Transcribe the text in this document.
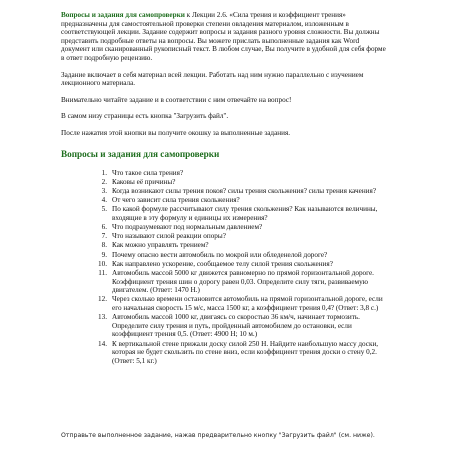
Вопросы и задания для самопроверки к Лекции 2.6. «Сила трения и коэффициент трения» предназначены для самостоятельной проверки степени овладения материалом, изложенным в соответствующей лекции. Задание содержит вопросы и задания разного уровня сложности. Вы должны представить подробные ответы на вопросы. Вы можете прислать выполненные задания как Word документ или сканированный рукописный текст. В любом случае, Вы получите в удобной для себя форме в ответ подробную рецензию.

Задание включает в себя материал всей лекции. Работать над ним нужно параллельно с изучением лекционного материала.

Внимательно читайте задание и в соответствии с ним отвечайте на вопрос!

В самом низу страницы есть кнопка "Загрузить файл".

После нажатия этой кнопки вы получите окошку за выполненные задания.

Вопросы и задания для самопроверки
1. Что такое сила трения?
2. Каковы её причины?
3. Когда возникают силы трения покоя? силы трения скольжения? силы трения качения?
4. От чего зависит сила трения скольжения?
5. По какой формуле рассчитывают силу трения скольжения? Как называются величины, входящие в эту формулу и единицы их измерения?
6. Что подразумевают под нормальным давлением?
7. Что называют силой реакции опоры?
8. Как можно управлять трением?
9. Почему опасно вести автомобиль по мокрой или обледенелой дороге?
10. Как направлено ускорение, сообщаемое телу силой трения скольжения?
11. Автомобиль массой 5000 кг движется равномерно по прямой горизонтальной дороге. Коэффициент трения шин о дорогу равен 0,03. Определите силу тяги, развиваемую двигателем. (Ответ: 1470 Н.)
12. Через сколько времени остановится автомобиль на прямой горизонтальной дороге, если его начальная скорость 15 м/с, масса 1500 кг, а коэффициент трения 0,4? (Ответ: 3,8 с.)
13. Автомобиль массой 1000 кг, двигаясь со скоростью 36 км/ч, начинает тормозить. Определите силу трения и путь, пройденный автомобилем до остановки, если коэффициент трения 0,5. (Ответ: 4900 Н; 10 м.)
14. К вертикальной стене прижали доску силой 250 Н. Найдите наибольшую массу доски, которая не будет скользить по стене вниз, если коэффициент трения доски о стену 0,2. (Ответ: 5,1 кг.)

Отправьте выполненное задание, нажав предварительно кнопку "Загрузить файл" (см. ниже).
